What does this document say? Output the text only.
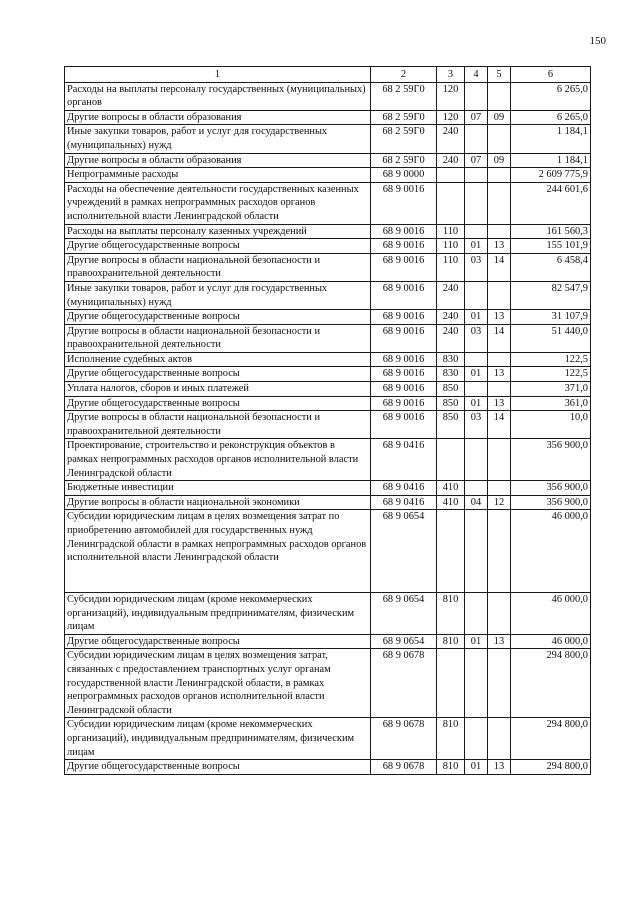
150
1	2	3	4	5	6
Расходы на выплаты персоналу государственных (муниципальных) органов	68 2 59Г0	120			6 265,0
Другие вопросы в области образования	68 2 59Г0	120	07	09	6 265,0
Иные закупки товаров, работ и услуг для государственных (муниципальных) нужд	68 2 59Г0	240			1 184,1
Другие вопросы в области образования	68 2 59Г0	240	07	09	1 184,1
Непрограммные расходы	68 9 0000				2 609 775,9
Расходы на обеспечение деятельности государственных казенных учреждений в рамках непрограммных расходов органов исполнительной власти Ленинградской области	68 9 0016				244 601,6
Расходы на выплаты персоналу казенных учреждений	68 9 0016	110			161 560,3
Другие общегосударственные вопросы	68 9 0016	110	01	13	155 101,9
Другие вопросы в области национальной безопасности и правоохранительной деятельности	68 9 0016	110	03	14	6 458,4
Иные закупки товаров, работ и услуг для государственных (муниципальных) нужд	68 9 0016	240			82 547,9
Другие общегосударственные вопросы	68 9 0016	240	01	13	31 107,9
Другие вопросы в области национальной безопасности и правоохранительной деятельности	68 9 0016	240	03	14	51 440,0
Исполнение судебных актов	68 9 0016	830			122,5
Другие общегосударственные вопросы	68 9 0016	830	01	13	122,5
Уплата налогов, сборов и иных платежей	68 9 0016	850			371,0
Другие общегосударственные вопросы	68 9 0016	850	01	13	361,0
Другие вопросы в области национальной безопасности и правоохранительной деятельности	68 9 0016	850	03	14	10,0
Проектирование, строительство и реконструкция объектов в рамках непрограммных расходов органов исполнительной власти Ленинградской области	68 9 0416				356 900,0
Бюджетные инвестиции	68 9 0416	410			356 900,0
Другие вопросы в области национальной экономики	68 9 0416	410	04	12	356 900,0
Субсидии юридическим лицам в целях возмещения затрат по приобретению автомобилей для государственных нужд Ленинградской области в рамках непрограммных расходов органов исполнительной власти Ленинградской области	68 9 0654				46 000,0
Субсидии юридическим лицам (кроме некоммерческих организаций), индивидуальным предпринимателям, физическим лицам	68 9 0654	810			46 000,0
Другие общегосударственные вопросы	68 9 0654	810	01	13	46 000,0
Субсидии юридическим лицам в целях возмещения затрат, связанных с предоставлением транспортных услуг органам государственной власти Ленинградской области, в рамках непрограммных расходов органов исполнительной власти Ленинградской области	68 9 0678				294 800,0
Субсидии юридическим лицам (кроме некоммерческих организаций), индивидуальным предпринимателям, физическим лицам	68 9 0678	810			294 800,0
Другие общегосударственные вопросы	68 9 0678	810	01	13	294 800,0
